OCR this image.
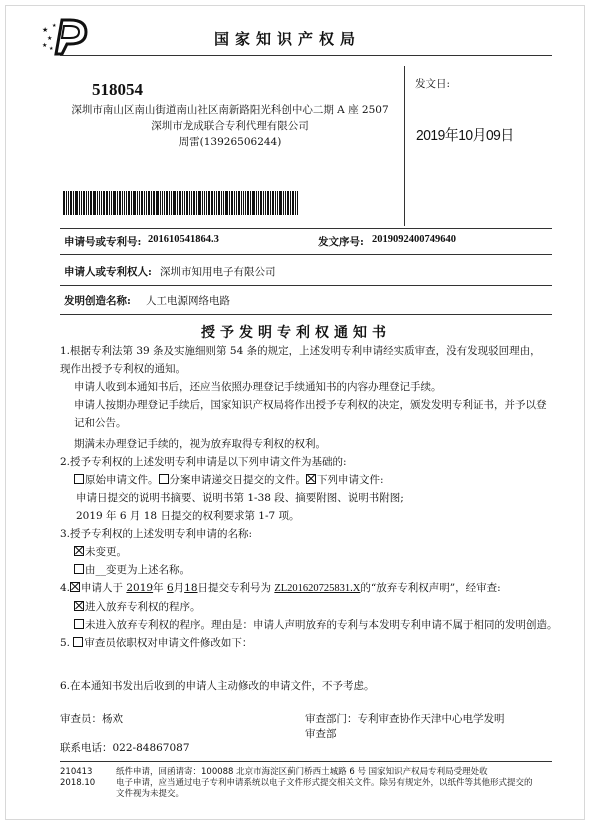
★
★
★ ★
★
国家知识产权局
518054
深圳市南山区南山街道南山社区南新路阳光科创中心二期 A 座 2507
深圳市龙成联合专利代理有限公司
周雷(13926506244)
发文日:
2019年10月09日
申请号或专利号: 201610541864.3	发文序号: 2019092400749640
申请人或专利权人: 深圳市知用电子有限公司
发明创造名称: 人工电源网络电路
授予发明专利权通知书

1.根据专利法第 39 条及实施细则第 54 条的规定，上述发明专利申请经实质审查，没有发现驳回理由，现作出授予专利权的通知。

申请人收到本通知书后，还应当依照办理登记手续通知书的内容办理登记手续。

申请人按期办理登记手续后，国家知识产权局将作出授予专利权的决定，颁发发明专利证书，并予以登记和公告。

期满未办理登记手续的，视为放弃取得专利权的权利。

2.授予专利权的上述发明专利申请是以下列申请文件为基础的:

原始申请文件。 分案申请递交日提交的文件。 下列申请文件:

申请日提交的说明书摘要、说明书第 1-38 段、摘要附图、说明书附图;

2019 年 6 月 18 日提交的权利要求第 1-7 项。

3.授予专利权的上述发明专利申请的名称:

未变更。

由__变更为上述名称。

4. 申请人于 2019年 6月18日提交专利号为 ZL201620725831.X的“放弃专利权声明”，经审查:

进入放弃专利权的程序。

未进入放弃专利权的程序。理由是：申请人声明放弃的专利与本发明专利申请不属于相同的发明创造。

5. 审查员依职权对申请文件修改如下：

6.在本通知书发出后收到的申请人主动修改的申请文件，不予考虑。

审查员：杨欢
联系电话：022-84867087
审查部门：专利审查协作天津中心电学发明
审查部
210413
2018.10
纸件申请，回函请寄：100088 北京市海淀区蓟门桥西土城路 6 号 国家知识产权局专利局受理处收
电子申请，应当通过电子专利申请系统以电子文件形式提交相关文件。除另有规定外，以纸件等其他形式提交的
文件视为未提交。
